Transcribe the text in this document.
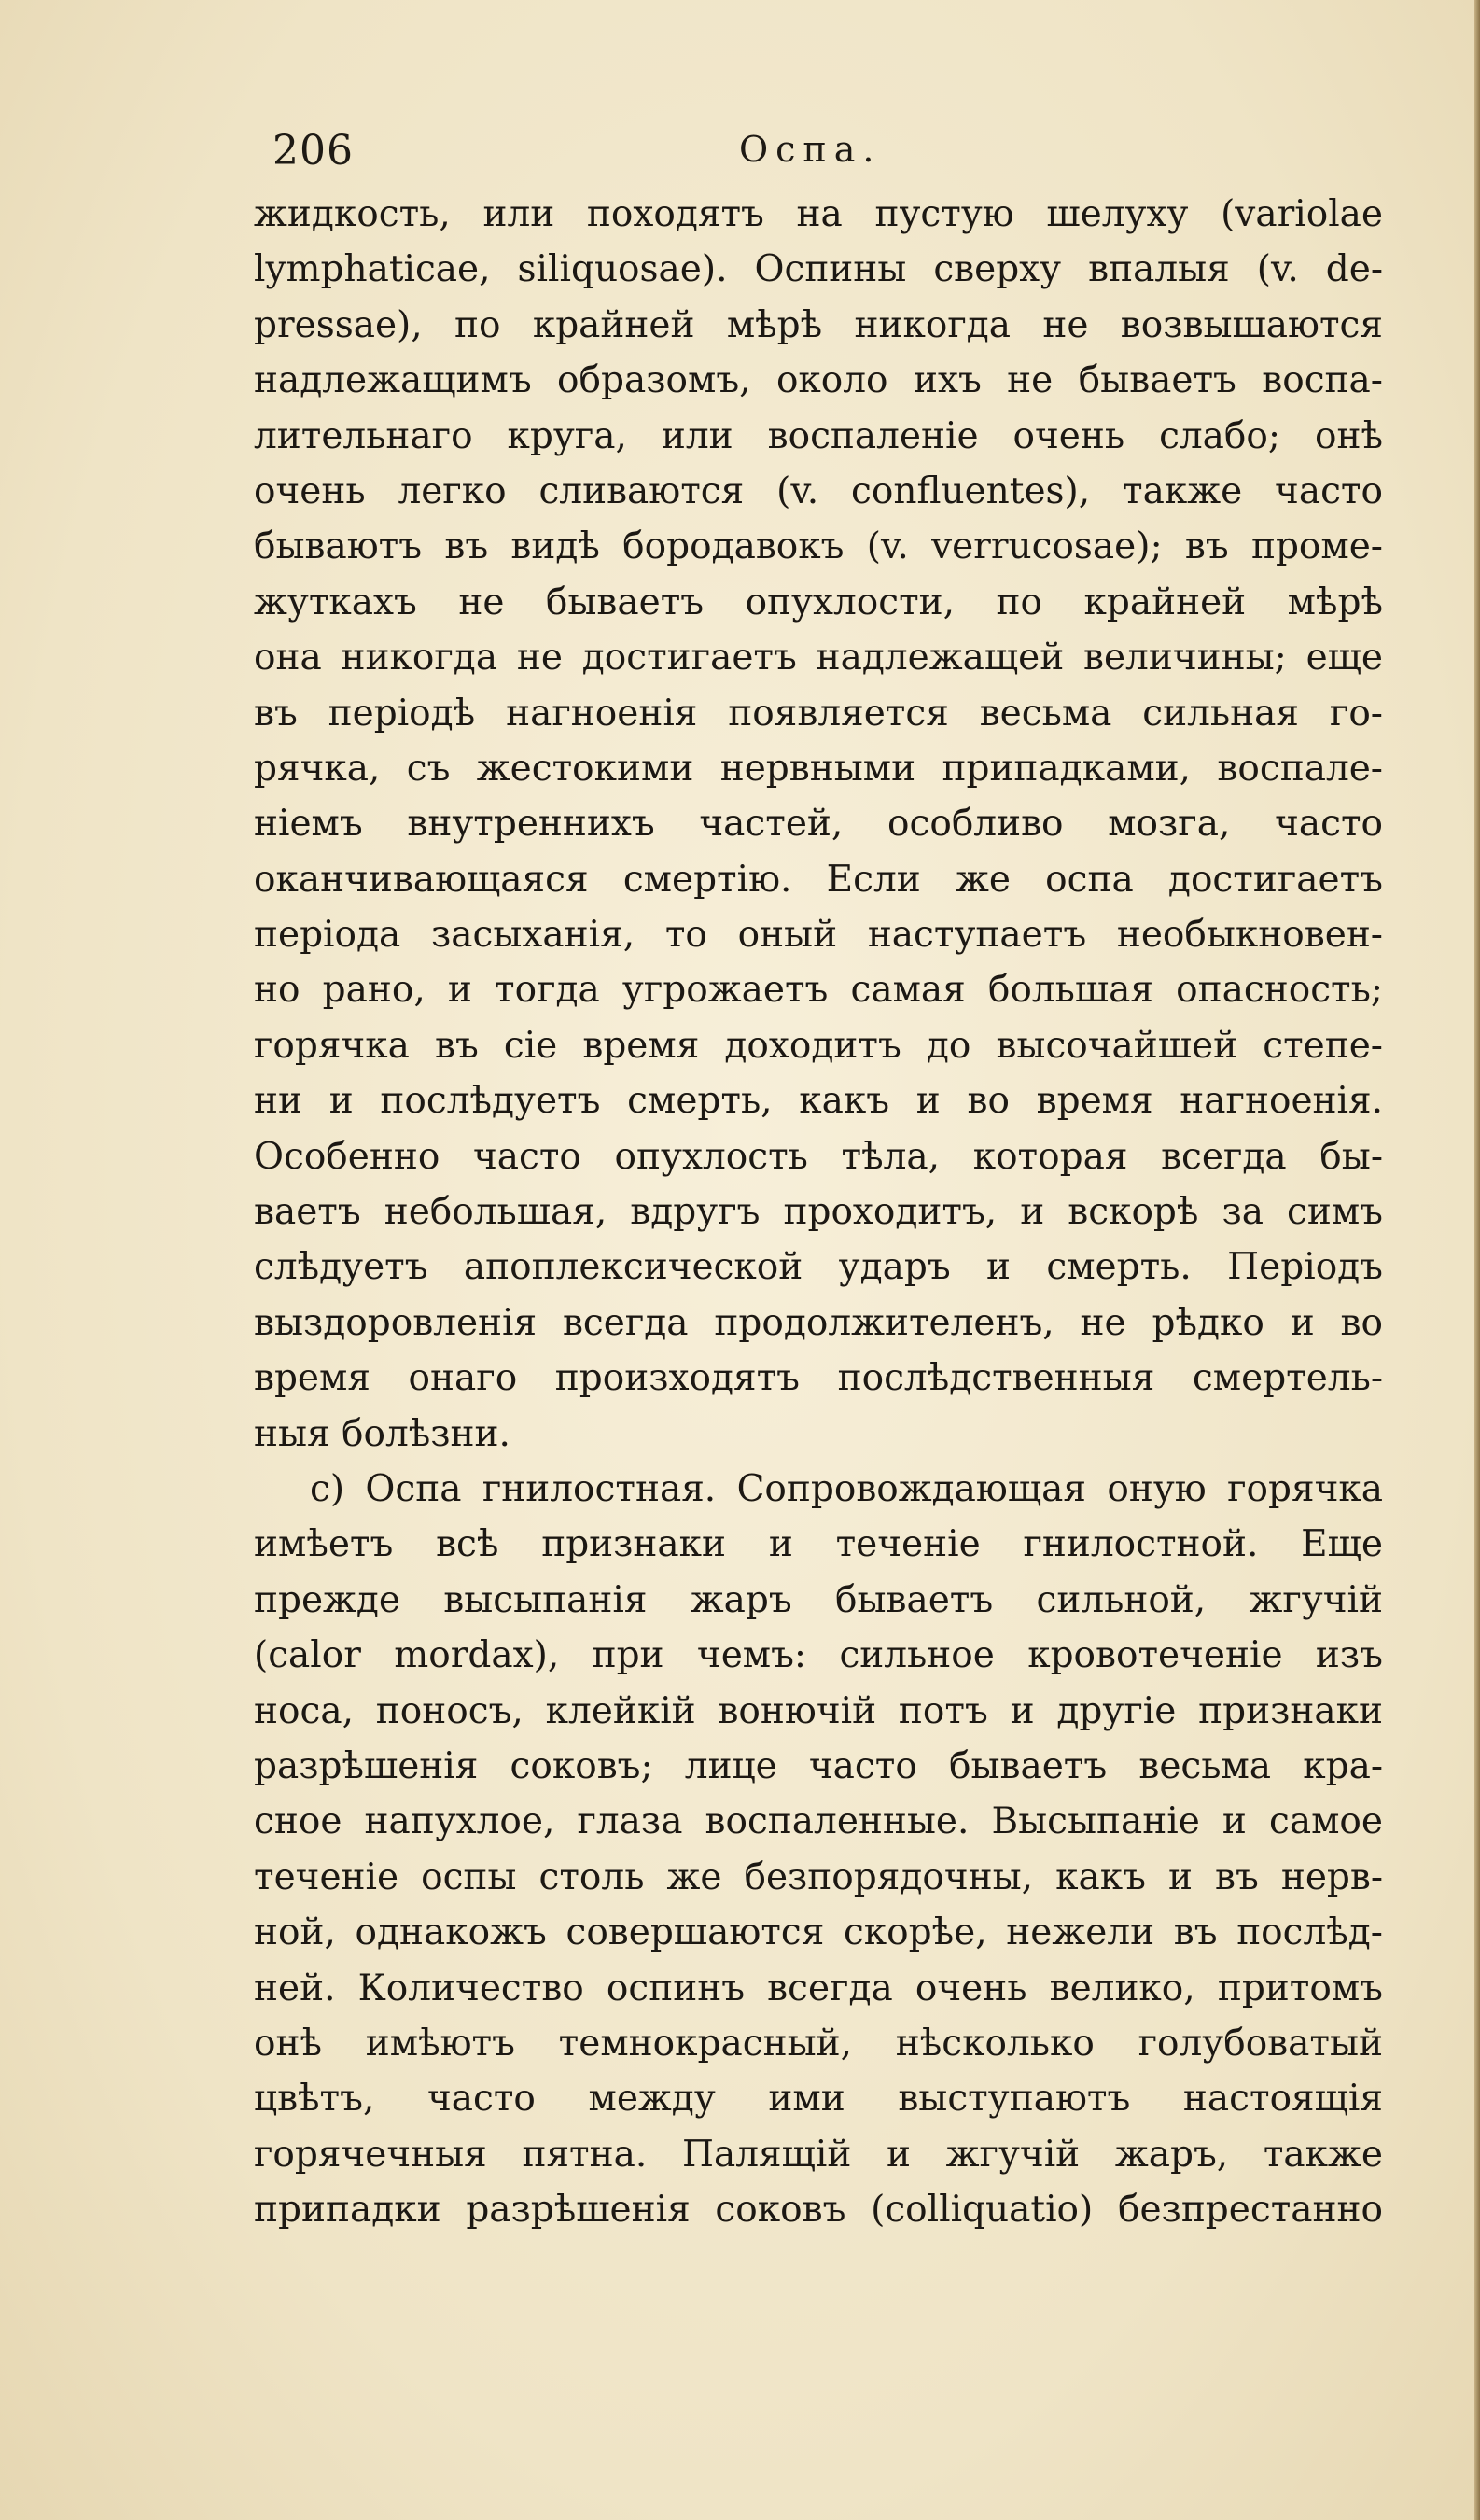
206	Оспа.
жидкость, или походятъ на пустую шелуху (variolae
lymphaticae, siliquosae). Оспины сверху впалыя (v. de-
pressae), по крайней мѣрѣ никогда не возвышаются
надлежащимъ образомъ, около ихъ не бываетъ воспа-
лительнаго круга, или воспаленіе очень слабо; онѣ
очень легко сливаются (v. confluentes), также часто
бываютъ въ видѣ бородавокъ (v. verrucosae); въ проме-
жуткахъ не бываетъ опухлости, по крайней мѣрѣ
она никогда не достигаетъ надлежащей величины; еще
въ періодѣ нагноенія появляется весьма сильная го-
рячка, съ жестокими нервными припадками, воспале-
ніемъ внутреннихъ частей, особливо мозга, часто
оканчивающаяся смертію. Если же оспа достигаетъ
періода засыханія, то оный наступаетъ необыкновен-
но рано, и тогда угрожаетъ самая большая опасность;
горячка въ сіе время доходитъ до высочайшей степе-
ни и послѣдуетъ смерть, какъ и во время нагноенія.
Особенно часто опухлость тѣла, которая всегда бы-
ваетъ небольшая, вдругъ проходитъ, и вскорѣ за симъ
слѣдуетъ апоплексической ударъ и смерть. Періодъ
выздоровленія всегда продолжителенъ, не рѣдко и во
время онаго произходятъ послѣдственныя смертель-
ныя болѣзни.
c) Оспа гнилостная. Сопровождающая оную горячка
имѣетъ всѣ признаки и теченіе гнилостной. Еще
прежде высыпанія жаръ бываетъ сильной, жгучій
(calor mordax), при чемъ: сильное кровотеченіе изъ
носа, поносъ, клейкій вонючій потъ и другіе признаки
разрѣшенія соковъ; лице часто бываетъ весьма кра-
сное напухлое, глаза воспаленные. Высыпаніе и самое
теченіе оспы столь же безпорядочны, какъ и въ нерв-
ной, однакожъ совершаются скорѣе, нежели въ послѣд-
ней. Количество оспинъ всегда очень велико, притомъ
онѣ имѣютъ темнокрасный, нѣсколько голубоватый
цвѣтъ, часто между ими выступаютъ настоящія
горячечныя пятна. Палящій и жгучій жаръ, также
припадки разрѣшенія соковъ (colliquatio) безпрестанно
